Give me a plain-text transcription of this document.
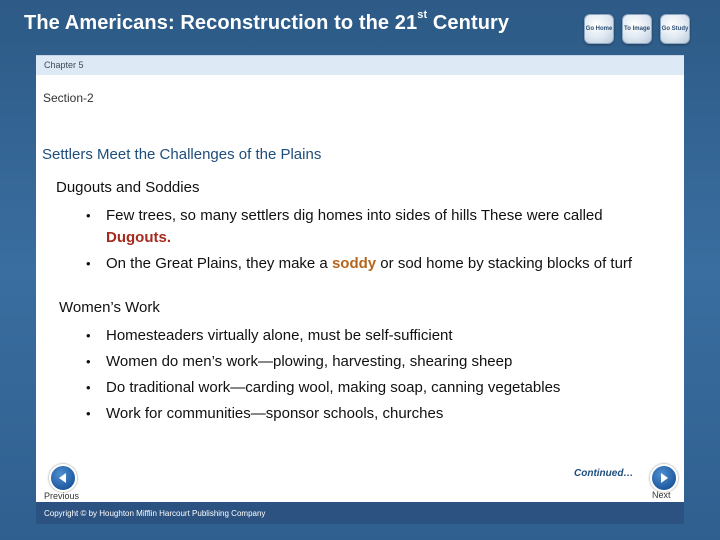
The Americans: Reconstruction to the 21st Century	Go Home	To Image	Go Study
Chapter 5
Section-2
Settlers Meet the Challenges of the Plains
Dugouts and Soddies
•	Few trees, so many settlers dig homes into sides of hills These were called Dugouts.
•	On the Great Plains, they make a soddy or sod home by stacking blocks of turf
Women’s Work
•	Homesteaders virtually alone, must be self-sufficient
•	Women do men’s work—plowing, harvesting, shearing sheep
•	Do traditional work—carding wool, making soap, canning vegetables
•	Work for communities—sponsor schools, churches
Continued…
Previous	Next
Copyright © by Houghton Mifflin Harcourt Publishing Company
